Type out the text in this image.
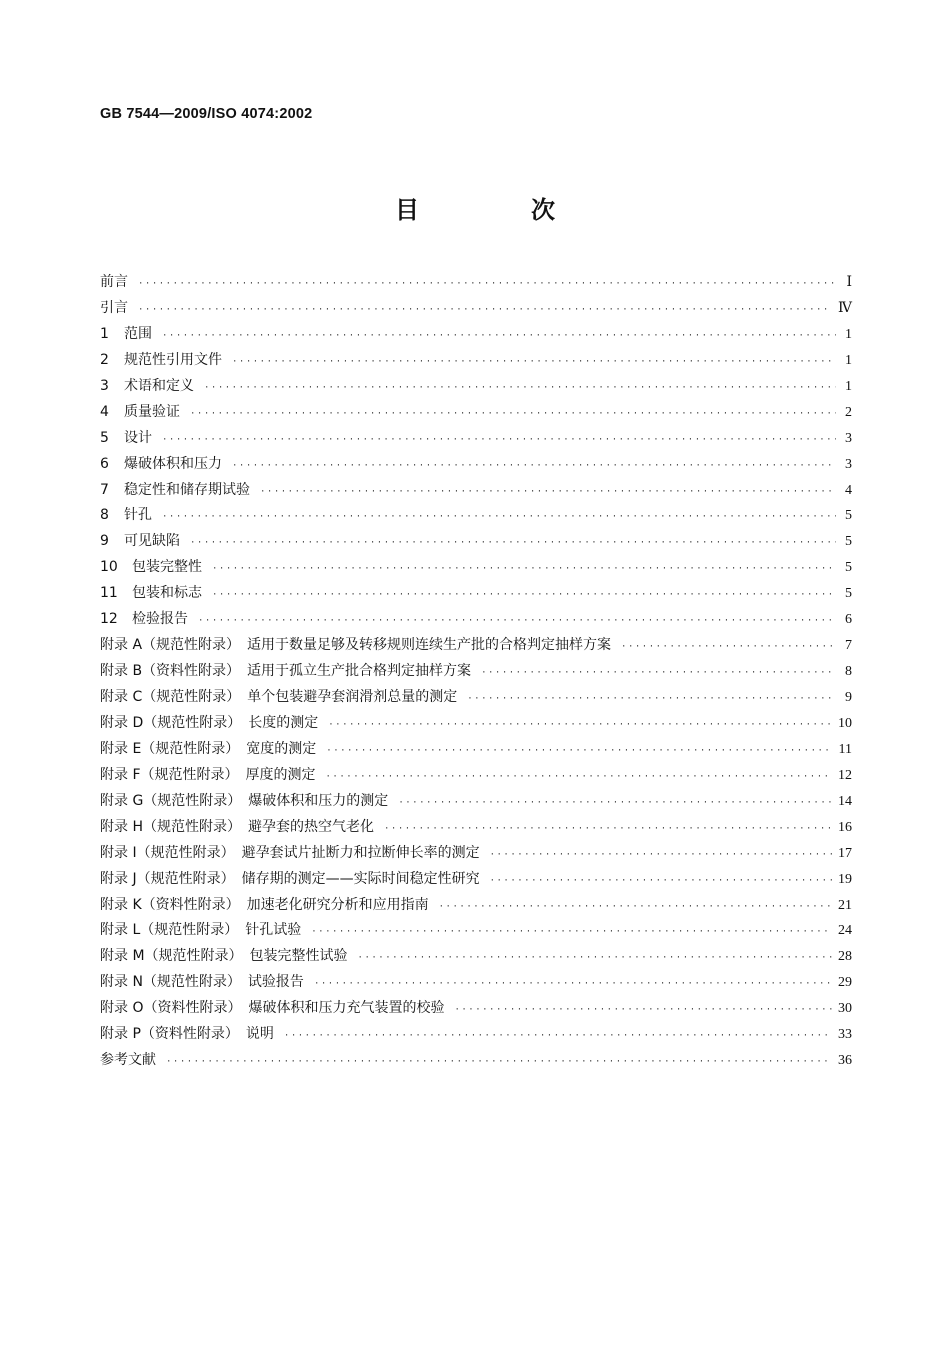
GB 7544—2009/ISO 4074:2002
目　次
前言 ·····	Ⅰ
引言 ·····	Ⅳ
1 范围 ·····	1
2 规范性引用文件 ·····	1
3 术语和定义 ·····	1
4 质量验证 ·····	2
5 设计 ·····	3
6 爆破体积和压力 ·····	3
7 稳定性和储存期试验 ·····	4
8 针孔 ·····	5
9 可见缺陷 ·····	5
10 包装完整性 ·····	5
11 包装和标志 ·····	5
12 检验报告 ·····	6
附录 A（规范性附录）　适用于数量足够及转移规则连续生产批的合格判定抽样方案 ·····	7
附录 B（资料性附录）　适用于孤立生产批合格判定抽样方案 ·····	8
附录 C（规范性附录）　单个包装避孕套润滑剂总量的测定 ·····	9
附录 D（规范性附录）　长度的测定 ·····	10
附录 E（规范性附录）　宽度的测定 ·····	11
附录 F（规范性附录）　厚度的测定 ·····	12
附录 G（规范性附录）　爆破体积和压力的测定 ·····	14
附录 H（规范性附录）　避孕套的热空气老化 ·····	16
附录 I（规范性附录）　避孕套试片扯断力和拉断伸长率的测定 ·····	17
附录 J（规范性附录）　储存期的测定——实际时间稳定性研究 ·····	19
附录 K（资料性附录）　加速老化研究分析和应用指南 ·····	21
附录 L（规范性附录）　针孔试验 ·····	24
附录 M（规范性附录）　包装完整性试验 ·····	28
附录 N（规范性附录）　试验报告 ·····	29
附录 O（资料性附录）　爆破体积和压力充气装置的校验 ·····	30
附录 P（资料性附录）　说明 ·····	33
参考文献 ·····	36
